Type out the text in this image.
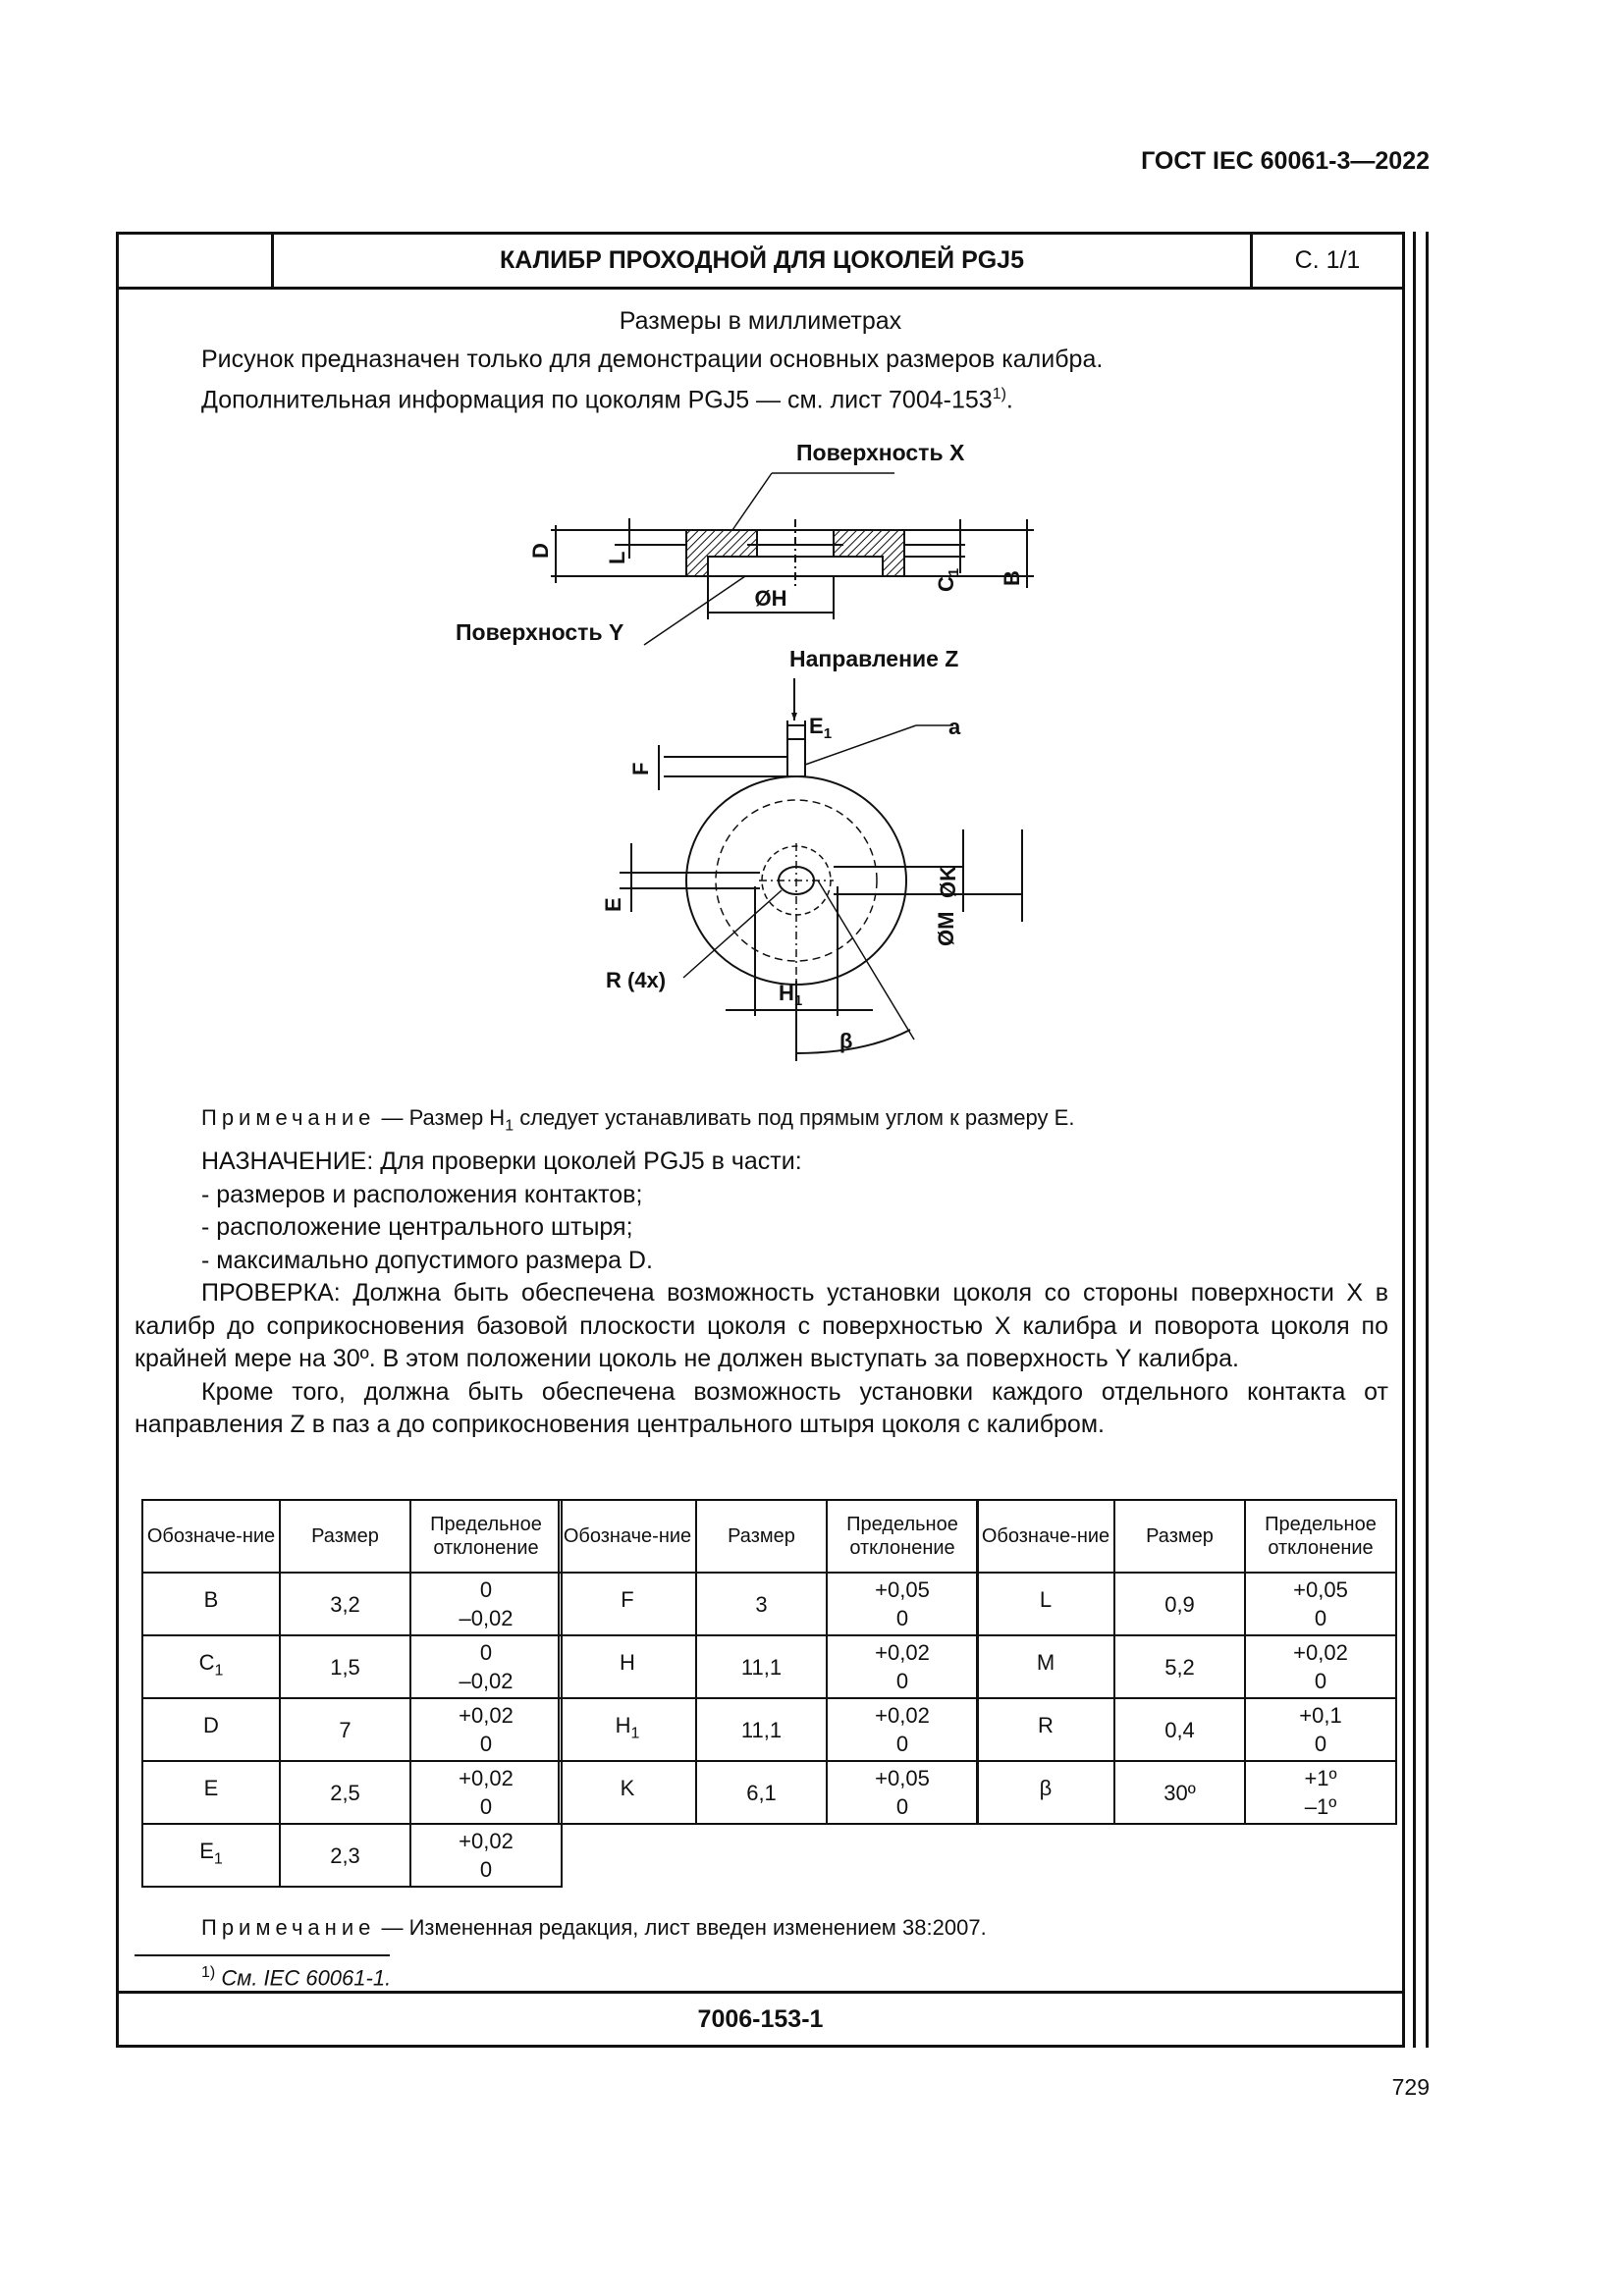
ГОСТ IEC 60061-3—2022
КАЛИБР ПРОХОДНОЙ ДЛЯ ЦОКОЛЕЙ PGJ5	С. 1/1
Размеры в миллиметрах

Рисунок предназначен только для демонстрации основных размеров калибра.

Дополнительная информация по цоколям PGJ5 — см. лист 7004-153$^{1)}$.

Поверхность X
Поверхность Y
D L
$C_1$ B
ØH
Направление Z
$E_1$	a
F
E
ØK
ØM
R (4x)
$H_1$
β
Примечание — Размер $H_1$ следует устанавливать под прямым углом к размеру E.

НАЗНАЧЕНИЕ: Для проверки цоколей PGJ5 в части:

- размеров и расположения контактов;

- расположение центрального штыря;

- максимально допустимого размера D.

ПРОВЕРКА: Должна быть обеспечена возможность установки цоколя со стороны поверхности X в калибр до соприкосновения базовой плоскости цоколя с поверхностью X калибра и поворота цоколя по крайней мере на 30º. В этом положении цоколь не должен выступать за поверхность Y калибра.

Кроме того, должна быть обеспечена возможность установки каждого отдельного контакта от направления Z в паз a до соприкосновения центрального штыря цоколя с калибром.

Обозначе-ние	Размер	Предельное отклонение
B	3,2	0
–0,02
$C_1$	1,5	0
–0,02
D	7	+0,02
0
E	2,5	+0,02
0
$E_1$	2,3	+0,02
0
Обозначе-ние	Размер	Предельное отклонение
F	3	+0,05
0
H	11,1	+0,02
0
$H_1$	11,1	+0,02
0
K	6,1	+0,05
0
Обозначе-ние	Размер	Предельное отклонение
L	0,9	+0,05
0
M	5,2	+0,02
0
R	0,4	+0,1
0
β	30º	+1º
–1º
Примечание — Измененная редакция, лист введен изменением 38:2007.
$^{1)}$ См. IEC 60061-1.
7006-153-1
729
